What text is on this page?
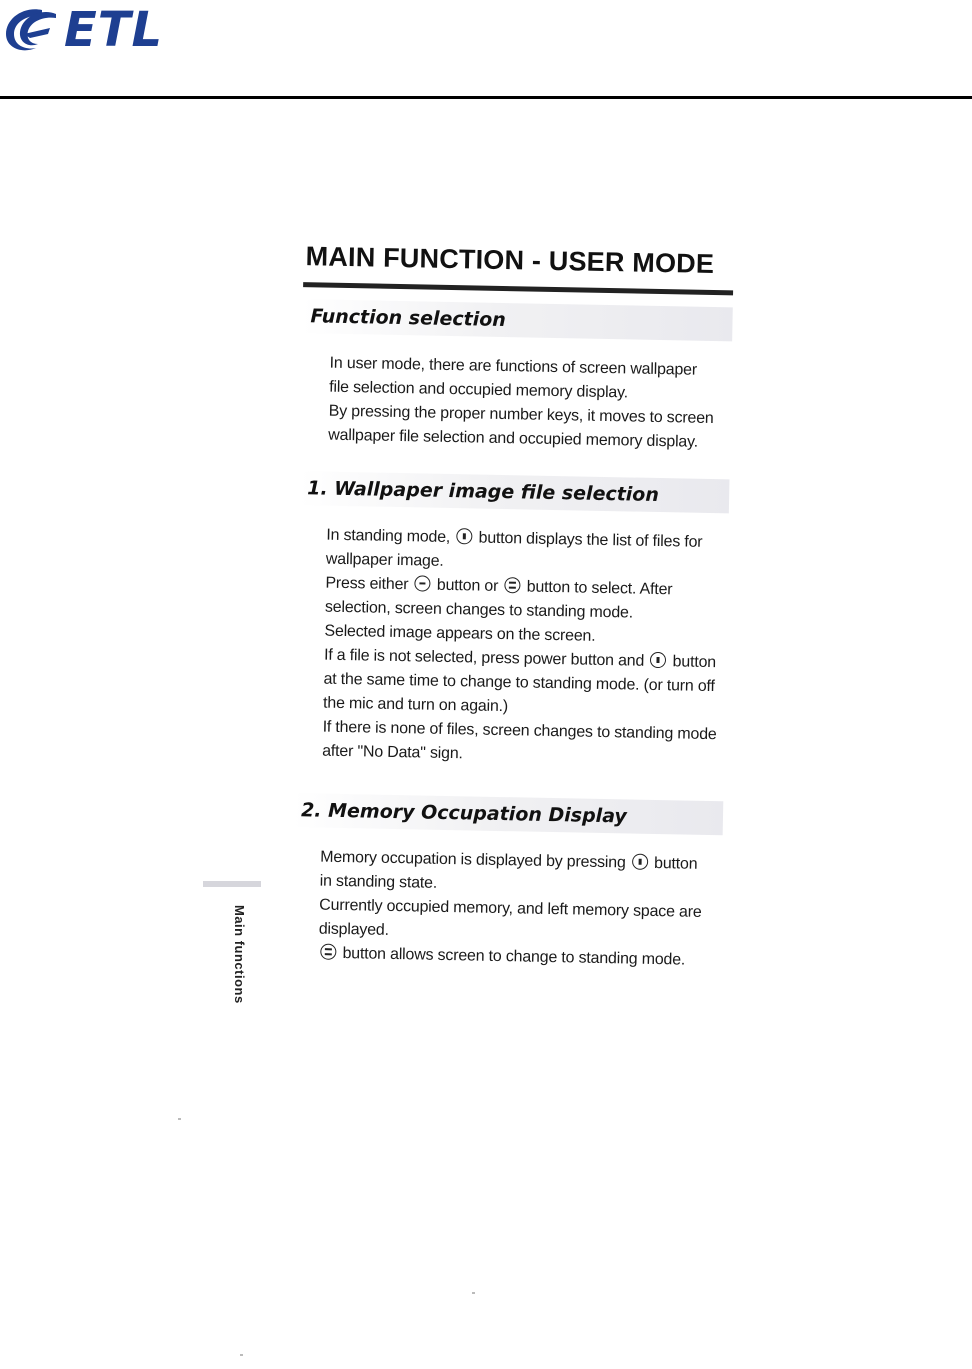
ETL
MAIN FUNCTION - USER MODE
Function selection

In user mode, there are functions of screen wallpaper

file selection and occupied memory display.

By pressing the proper number keys, it moves to screen

wallpaper file selection and occupied memory display.

1. Wallpaper image file selection

In standing mode, button displays the list of files for

wallpaper image.

Press either button or button to select. After

selection, screen changes to standing mode.

Selected image appears on the screen.

If a file is not selected, press power button and button

at the same time to change to standing mode. (or turn off

the mic and turn on again.)

If there is none of files, screen changes to standing mode

after "No Data" sign.

2. Memory Occupation Display

Memory occupation is displayed by pressing button

in standing state.

Currently occupied memory, and left memory space are

displayed.

button allows screen to change to standing mode.

Main functions
